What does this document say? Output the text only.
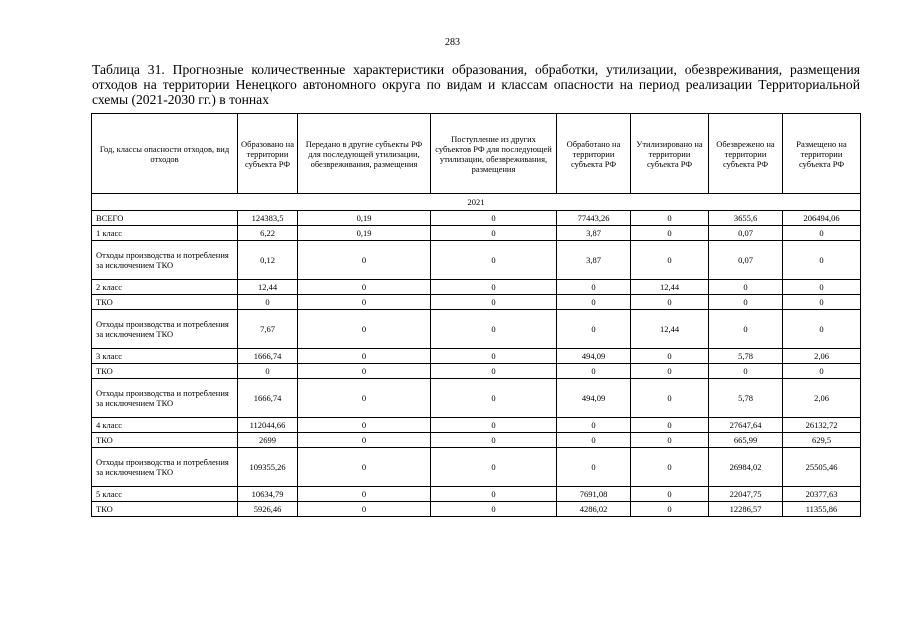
283
Таблица 31. Прогнозные количественные характеристики образования, обработки, утилизации, обезвреживания, размещения отходов на территории Ненецкого автономного округа по видам и классам опасности на период реализации Территориальной схемы (2021-2030 гг.) в тоннах
Год, классы опасности отходов, вид отходов	Образовано на территории субъекта РФ	Передано в другие субъекты РФ для последующей утилизации, обезвреживания, размещения	Поступление из других субъектов РФ для последующей утилизации, обезвреживания, размещения	Обработано на территории субъекта РФ	Утилизировано на территории субъекта РФ	Обезврежено на территории субъекта РФ	Размещено на территории субъекта РФ
2021							
ВСЕГО	124383,5	0,19	0	77443,26	0	3655,6	206494,06
1 класс	6,22	0,19	0	3,87	0	0,07	0
Отходы производства и потребления за исключением ТКО	0,12	0	0	3,87	0	0,07	0
2 класс	12,44	0	0	0	12,44	0	0
ТКО	0	0	0	0	0	0	0
Отходы производства и потребления за исключением ТКО	7,67	0	0	0	12,44	0	0
3 класс	1666,74	0	0	494,09	0	5,78	2,06
ТКО	0	0	0	0	0	0	0
Отходы производства и потребления за исключением ТКО	1666,74	0	0	494,09	0	5,78	2,06
4 класс	112044,66	0	0	0	0	27647,64	26132,72
ТКО	2699	0	0	0	0	665,99	629,5
Отходы производства и потребления за исключением ТКО	109355,26	0	0	0	0	26984,02	25505,46
5 класс	10634,79	0	0	7691,08	0	22047,75	20377,63
ТКО	5926,46	0	0	4286,02	0	12286,57	11355,86
